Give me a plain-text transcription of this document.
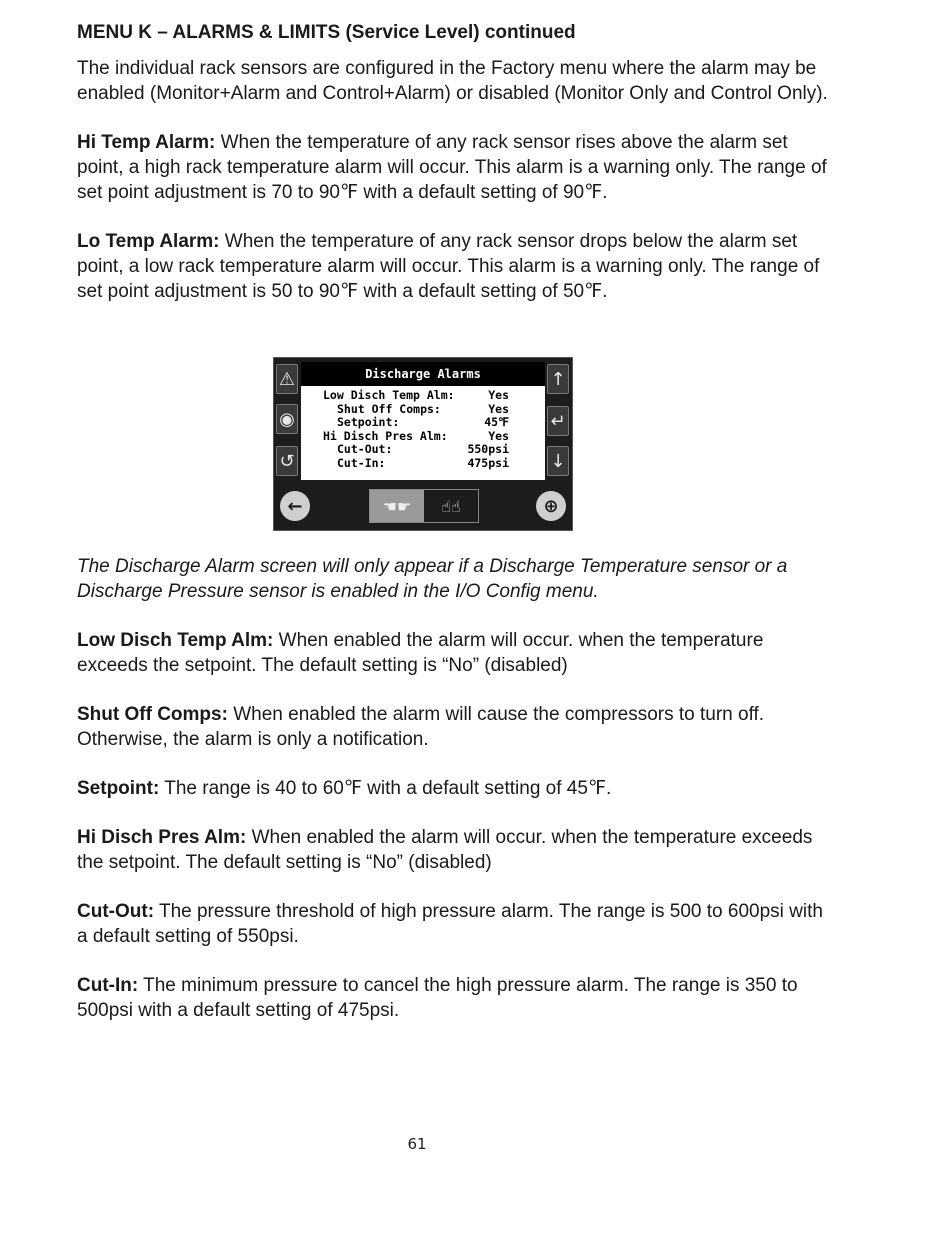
MENU K – ALARMS & LIMITS (Service Level) continued

The individual rack sensors are configured in the Factory menu where the alarm may be enabled (Monitor+Alarm and Control+Alarm) or disabled (Monitor Only and Control Only).

Hi Temp Alarm: When the temperature of any rack sensor rises above the alarm set point, a high rack temperature alarm will occur. This alarm is a warning only. The range of set point adjustment is 70 to 90℉ with a default setting of 90℉.

Lo Temp Alarm: When the temperature of any rack sensor drops below the alarm set point, a low rack temperature alarm will occur. This alarm is a warning only. The range of set point adjustment is 50 to 90℉ with a default setting of 50℉.

The Discharge Alarm screen will only appear if a Discharge Temperature sensor or a Discharge Pressure sensor is enabled in the I/O Config menu.

Low Disch Temp Alm: When enabled the alarm will occur. when the temperature exceeds the setpoint. The default setting is “No” (disabled)

Shut Off Comps: When enabled the alarm will cause the compressors to turn off. Otherwise, the alarm is only a notification.

Setpoint: The range is 40 to 60℉ with a default setting of 45℉.

Hi Disch Pres Alm: When enabled the alarm will occur. when the temperature exceeds the setpoint. The default setting is “No” (disabled)

Cut-Out: The pressure threshold of high pressure alarm. The range is 500 to 600psi with a default setting of 550psi.

Cut-In: The minimum pressure to cancel the high pressure alarm. The range is 350 to 500psi with a default setting of 475psi.

⚠
◉
↺
Discharge Alarms
Low Disch Temp Alm:	Yes
Shut Off Comps:	Yes
Setpoint:	45℉
Hi Disch Pres Alm:	Yes
Cut-Out:	550psi
Cut-In:	475psi
↑
↵
↓
←	☚☛	☝☝	⊕
61
